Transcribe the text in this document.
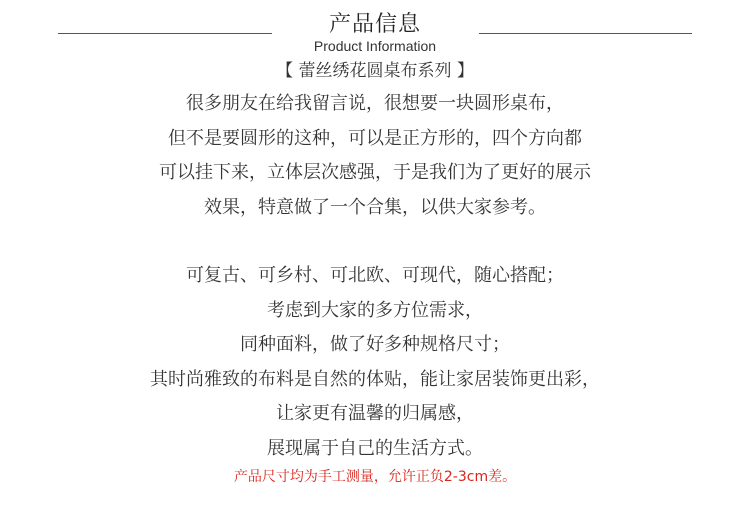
产品信息
Product Information

【 蕾丝绣花圆桌布系列 】

很多朋友在给我留言说，很想要一块圆形桌布，
但不是要圆形的这种，可以是正方形的，四个方向都
可以挂下来，立体层次感强，于是我们为了更好的展示
效果，特意做了一个合集，以供大家参考。
可复古、可乡村、可北欧、可现代，随心搭配；
考虑到大家的多方位需求，
同种面料，做了好多种规格尺寸；
其时尚雅致的布料是自然的体贴，能让家居装饰更出彩，
让家更有温馨的归属感，
展现属于自己的生活方式。
产品尺寸均为手工测量，允许正负2-3cm差。
